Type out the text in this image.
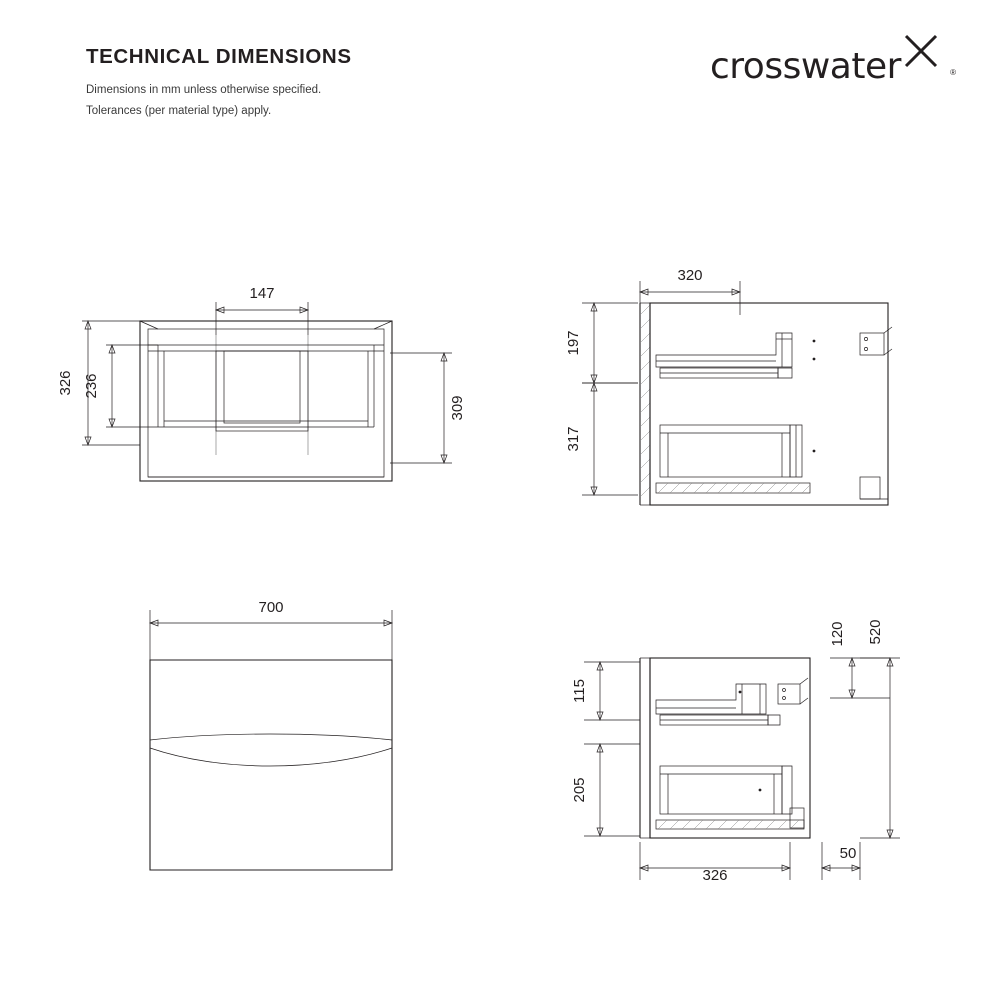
TECHNICAL DIMENSIONS
Dimensions in mm unless otherwise specified.
Tolerances (per material type) apply.
crosswater	®
147
326 236
309
320
197
317
700
120 520
115
205
326
50
